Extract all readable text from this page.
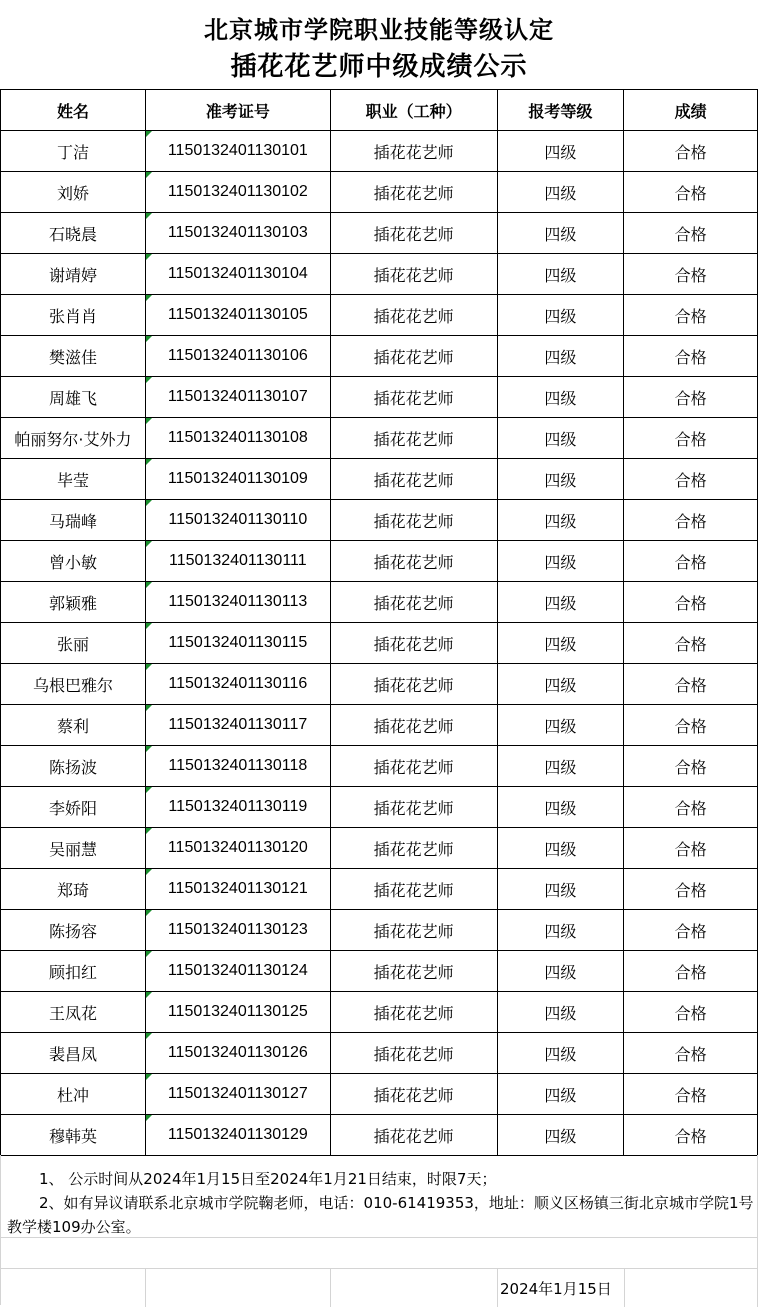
北京城市学院职业技能等级认定
插花花艺师中级成绩公示
姓名	准考证号	职业（工种）	报考等级	成绩
丁洁	1150132401130101	插花花艺师	四级	合格
刘娇	1150132401130102	插花花艺师	四级	合格
石晓晨	1150132401130103	插花花艺师	四级	合格
谢靖婷	1150132401130104	插花花艺师	四级	合格
张肖肖	1150132401130105	插花花艺师	四级	合格
樊滋佳	1150132401130106	插花花艺师	四级	合格
周雄飞	1150132401130107	插花花艺师	四级	合格
帕丽努尔·艾外力	1150132401130108	插花花艺师	四级	合格
毕莹	1150132401130109	插花花艺师	四级	合格
马瑞峰	1150132401130110	插花花艺师	四级	合格
曾小敏	1150132401130111	插花花艺师	四级	合格
郭颖雅	1150132401130113	插花花艺师	四级	合格
张丽	1150132401130115	插花花艺师	四级	合格
乌根巴雅尔	1150132401130116	插花花艺师	四级	合格
蔡利	1150132401130117	插花花艺师	四级	合格
陈扬波	1150132401130118	插花花艺师	四级	合格
李娇阳	1150132401130119	插花花艺师	四级	合格
吴丽慧	1150132401130120	插花花艺师	四级	合格
郑琦	1150132401130121	插花花艺师	四级	合格
陈扬容	1150132401130123	插花花艺师	四级	合格
顾扣红	1150132401130124	插花花艺师	四级	合格
王凤花	1150132401130125	插花花艺师	四级	合格
裴昌凤	1150132401130126	插花花艺师	四级	合格
杜冲	1150132401130127	插花花艺师	四级	合格
穆韩英	1150132401130129	插花花艺师	四级	合格
1、 公示时间从2024年1月15日至2024年1月21日结束，时限7天；
2、如有异议请联系北京城市学院鞠老师，电话：010-61419353，地址：顺义区杨镇三街北京城市学院1号教学楼109办公室。
2024年1月15日
